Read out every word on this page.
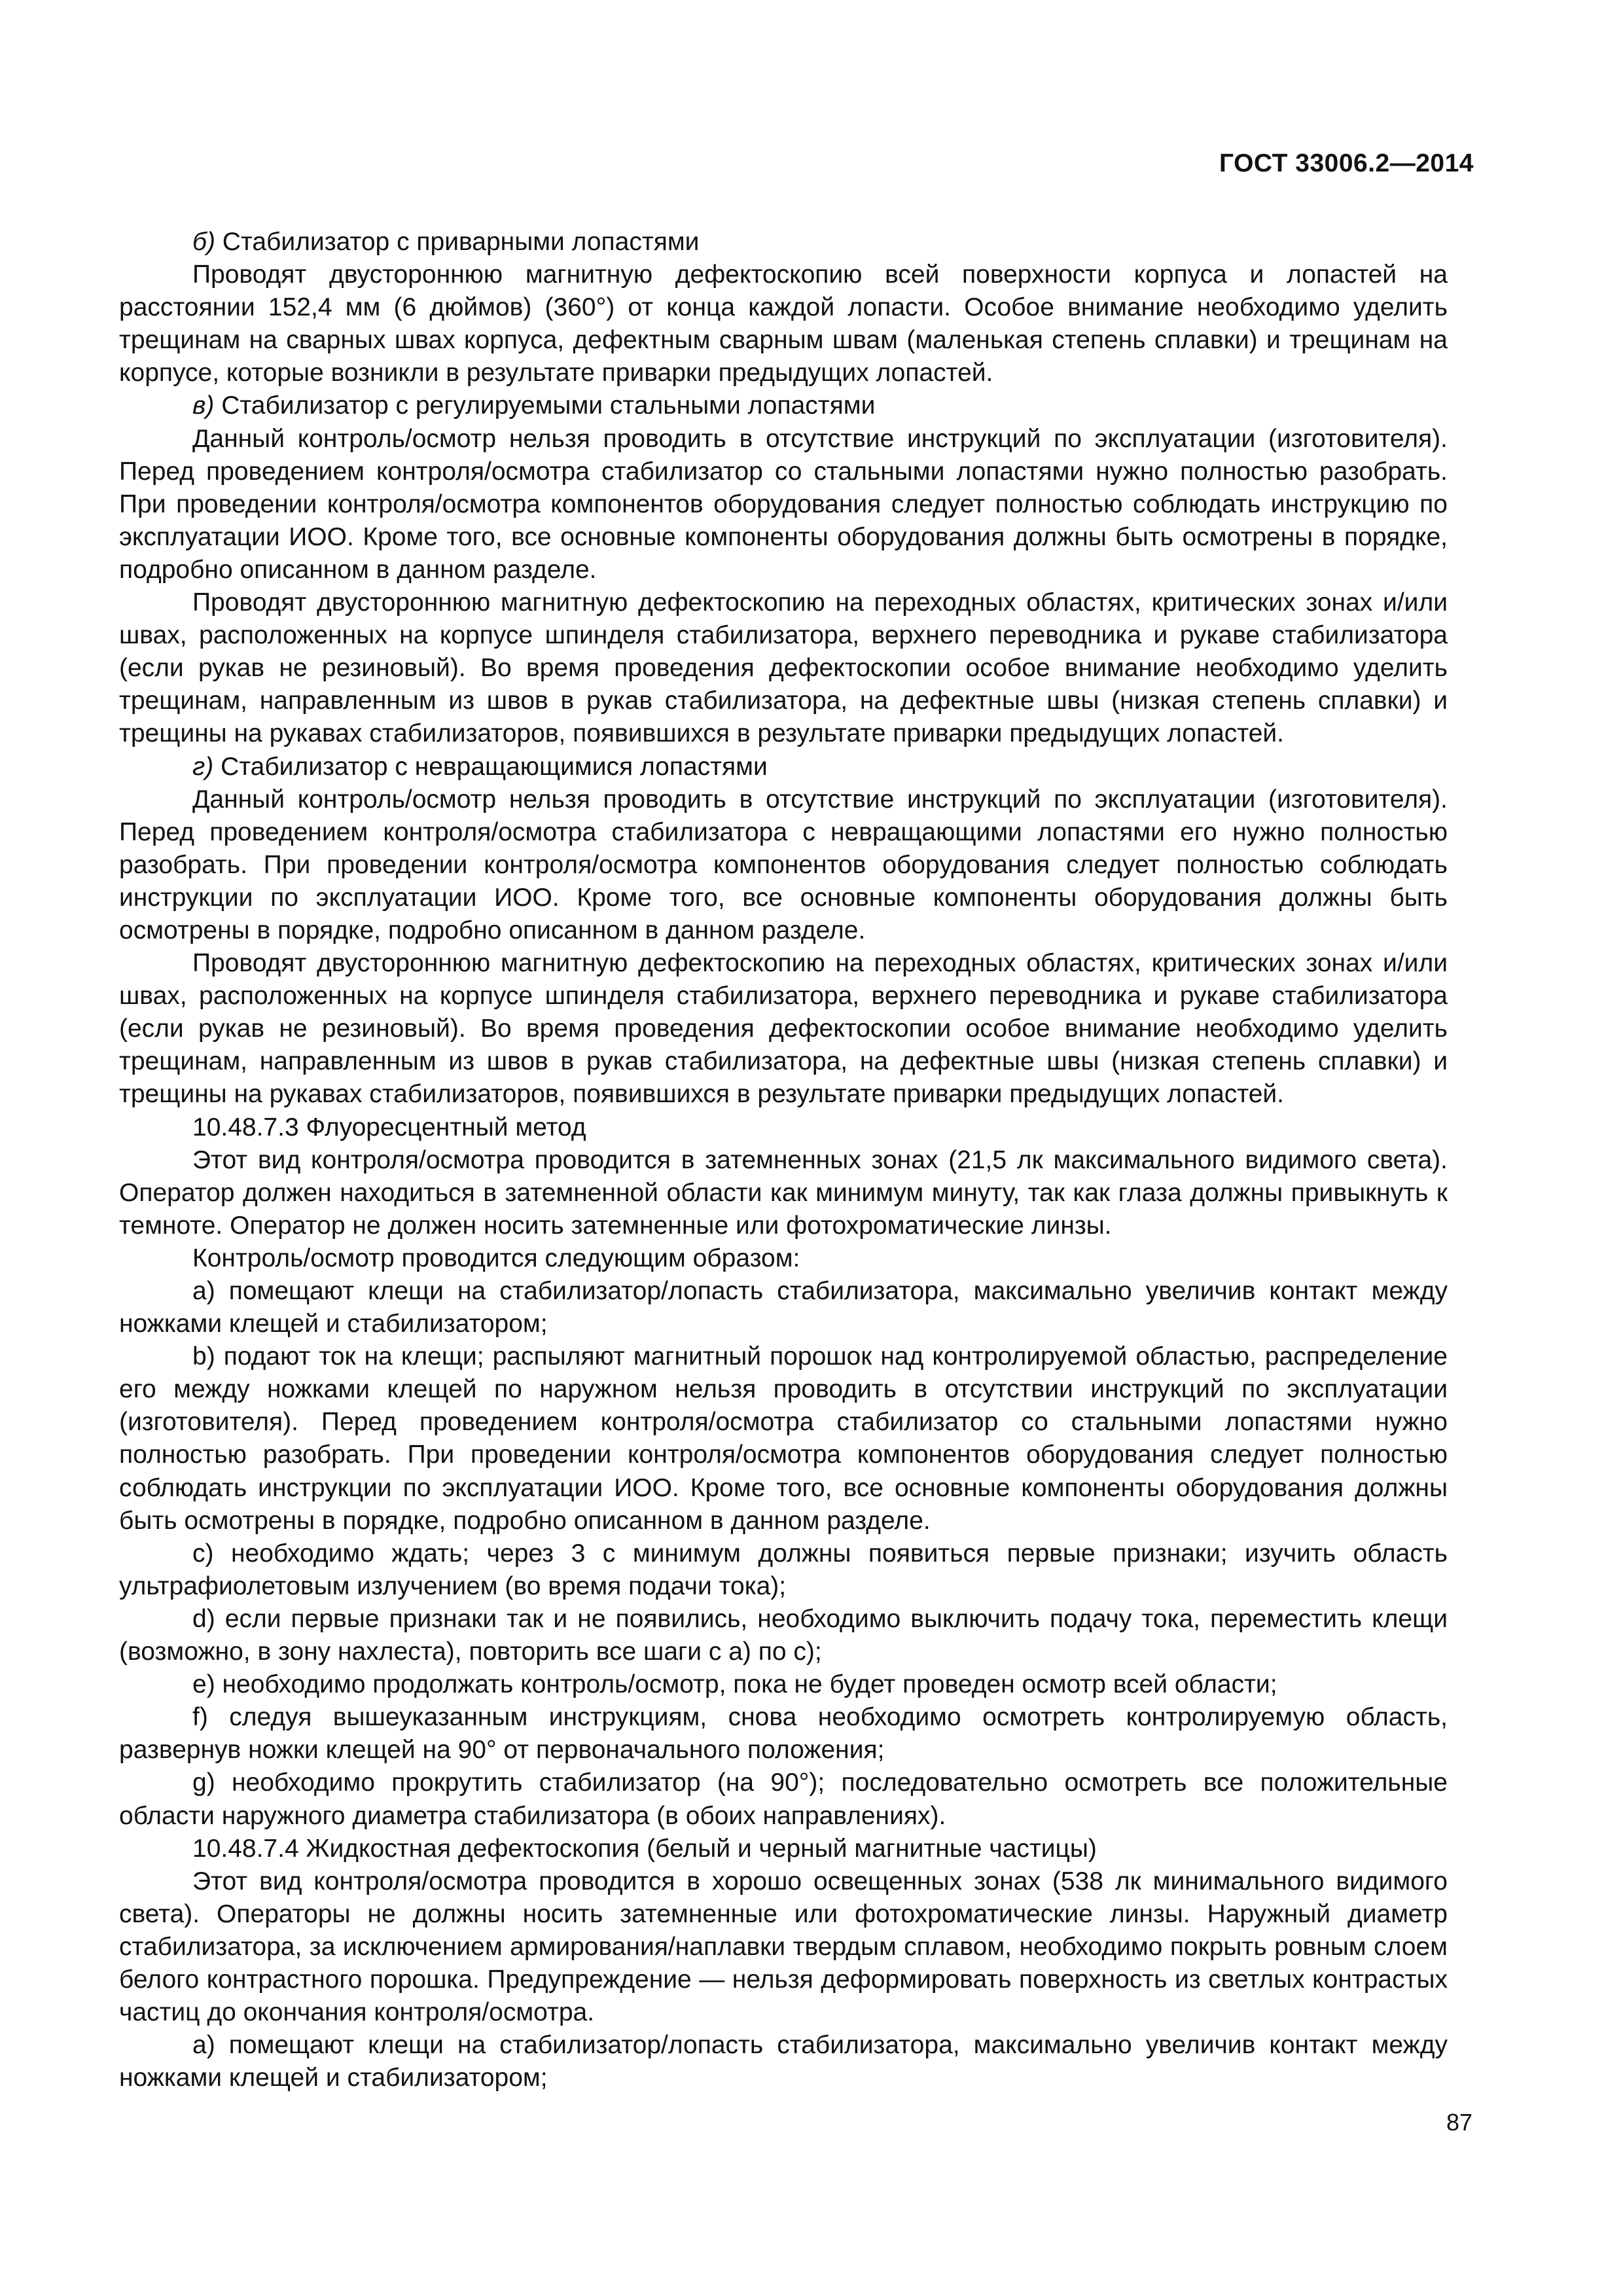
ГОСТ 33006.2—2014

б) Стабилизатор с приварными лопастями

Проводят двустороннюю магнитную дефектоскопию всей поверхности корпуса и лопастей на расстоянии 152,4 мм (6 дюймов) (360°) от конца каждой лопасти. Особое внимание необходимо уделить трещинам на сварных швах корпуса, дефектным сварным швам (маленькая степень сплавки) и трещинам на корпусе, которые возникли в результате приварки предыдущих лопастей.

в) Стабилизатор с регулируемыми стальными лопастями

Данный контроль/осмотр нельзя проводить в отсутствие инструкций по эксплуатации (изготовителя). Перед проведением контроля/осмотра стабилизатор со стальными лопастями нужно полностью разобрать. При проведении контроля/осмотра компонентов оборудования следует полностью соблюдать инструкцию по эксплуатации ИОО. Кроме того, все основные компоненты оборудования должны быть осмотрены в порядке, подробно описанном в данном разделе.

Проводят двустороннюю магнитную дефектоскопию на переходных областях, критических зонах и/или швах, расположенных на корпусе шпинделя стабилизатора, верхнего переводника и рукаве стабилизатора (если рукав не резиновый). Во время проведения дефектоскопии особое внимание необходимо уделить трещинам, направленным из швов в рукав стабилизатора, на дефектные швы (низкая степень сплавки) и трещины на рукавах стабилизаторов, появившихся в результате приварки предыдущих лопастей.

г) Стабилизатор с невращающимися лопастями

Данный контроль/осмотр нельзя проводить в отсутствие инструкций по эксплуатации (изготовителя). Перед проведением контроля/осмотра стабилизатора с невращающими лопастями его нужно полностью разобрать. При проведении контроля/осмотра компонентов оборудования следует полностью соблюдать инструкции по эксплуатации ИОО. Кроме того, все основные компоненты оборудования должны быть осмотрены в порядке, подробно описанном в данном разделе.

Проводят двустороннюю магнитную дефектоскопию на переходных областях, критических зонах и/или швах, расположенных на корпусе шпинделя стабилизатора, верхнего переводника и рукаве стабилизатора (если рукав не резиновый). Во время проведения дефектоскопии особое внимание необходимо уделить трещинам, направленным из швов в рукав стабилизатора, на дефектные швы (низкая степень сплавки) и трещины на рукавах стабилизаторов, появившихся в результате приварки предыдущих лопастей.

10.48.7.3 Флуоресцентный метод

Этот вид контроля/осмотра проводится в затемненных зонах (21,5 лк максимального видимого света). Оператор должен находиться в затемненной области как минимум минуту, так как глаза должны привыкнуть к темноте. Оператор не должен носить затемненные или фотохроматические линзы.

Контроль/осмотр проводится следующим образом:

a) помещают клещи на стабилизатор/лопасть стабилизатора, максимально увеличив контакт между ножками клещей и стабилизатором;

b) подают ток на клещи; распыляют магнитный порошок над контролируемой областью, распределение его между ножками клещей по наружном нельзя проводить в отсутствии инструкций по эксплуатации (изготовителя). Перед проведением контроля/осмотра стабилизатор со стальными лопастями нужно полностью разобрать. При проведении контроля/осмотра компонентов оборудования следует полностью соблюдать инструкции по эксплуатации ИОО. Кроме того, все основные компоненты оборудования должны быть осмотрены в порядке, подробно описанном в данном разделе.

c) необходимо ждать; через 3 с минимум должны появиться первые признаки; изучить область ультрафиолетовым излучением (во время подачи тока);

d) если первые признаки так и не появились, необходимо выключить подачу тока, переместить клещи (возможно, в зону нахлеста), повторить все шаги с а) по с);

e) необходимо продолжать контроль/осмотр, пока не будет проведен осмотр всей области;

f) следуя вышеуказанным инструкциям, снова необходимо осмотреть контролируемую область, развернув ножки клещей на 90° от первоначального положения;

g) необходимо прокрутить стабилизатор (на 90°); последовательно осмотреть все положительные области наружного диаметра стабилизатора (в обоих направлениях).

10.48.7.4 Жидкостная дефектоскопия (белый и черный магнитные частицы)

Этот вид контроля/осмотра проводится в хорошо освещенных зонах (538 лк минимального видимого света). Операторы не должны носить затемненные или фотохроматические линзы. Наружный диаметр стабилизатора, за исключением армирования/наплавки твердым сплавом, необходимо покрыть ровным слоем белого контрастного порошка. Предупреждение — нельзя деформировать поверхность из светлых контрастых частиц до окончания контроля/осмотра.

a) помещают клещи на стабилизатор/лопасть стабилизатора, максимально увеличив контакт между ножками клещей и стабилизатором;

87
